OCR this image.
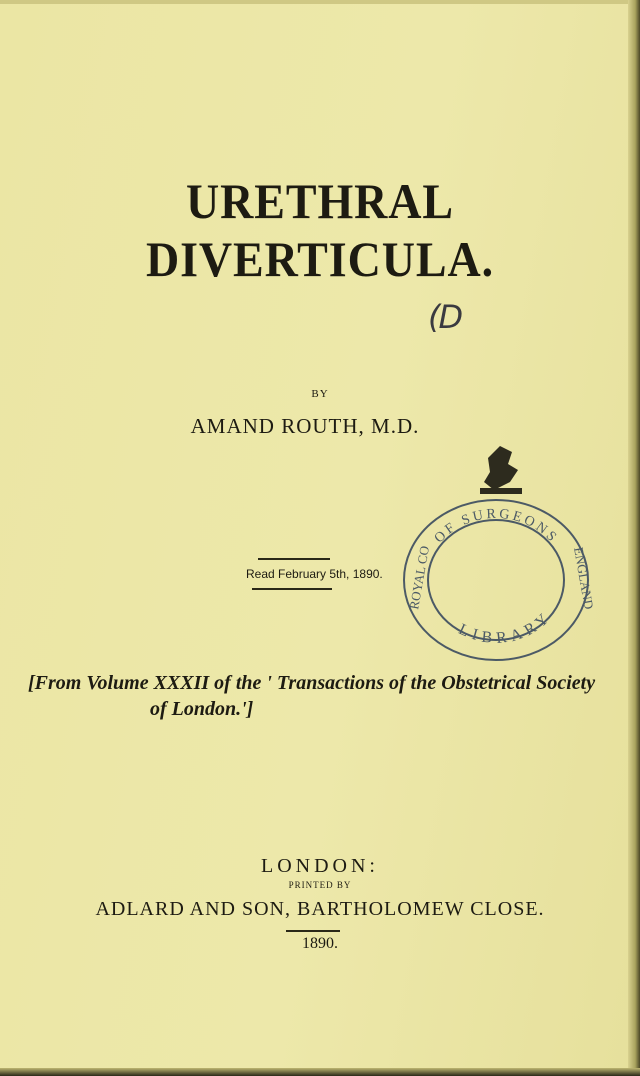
URETHRAL DIVERTICULA.
(D
BY
AMAND ROUTH, M.D.
Read February 5th, 1890.
OF SURGEONS
LIBRARY
ROYAL CO	ENGLAND
[From Volume XXXII of the ' Transactions of the Obstetrical Society
of London.']
LONDON:
PRINTED BY
ADLARD AND SON, BARTHOLOMEW CLOSE.
1890.
